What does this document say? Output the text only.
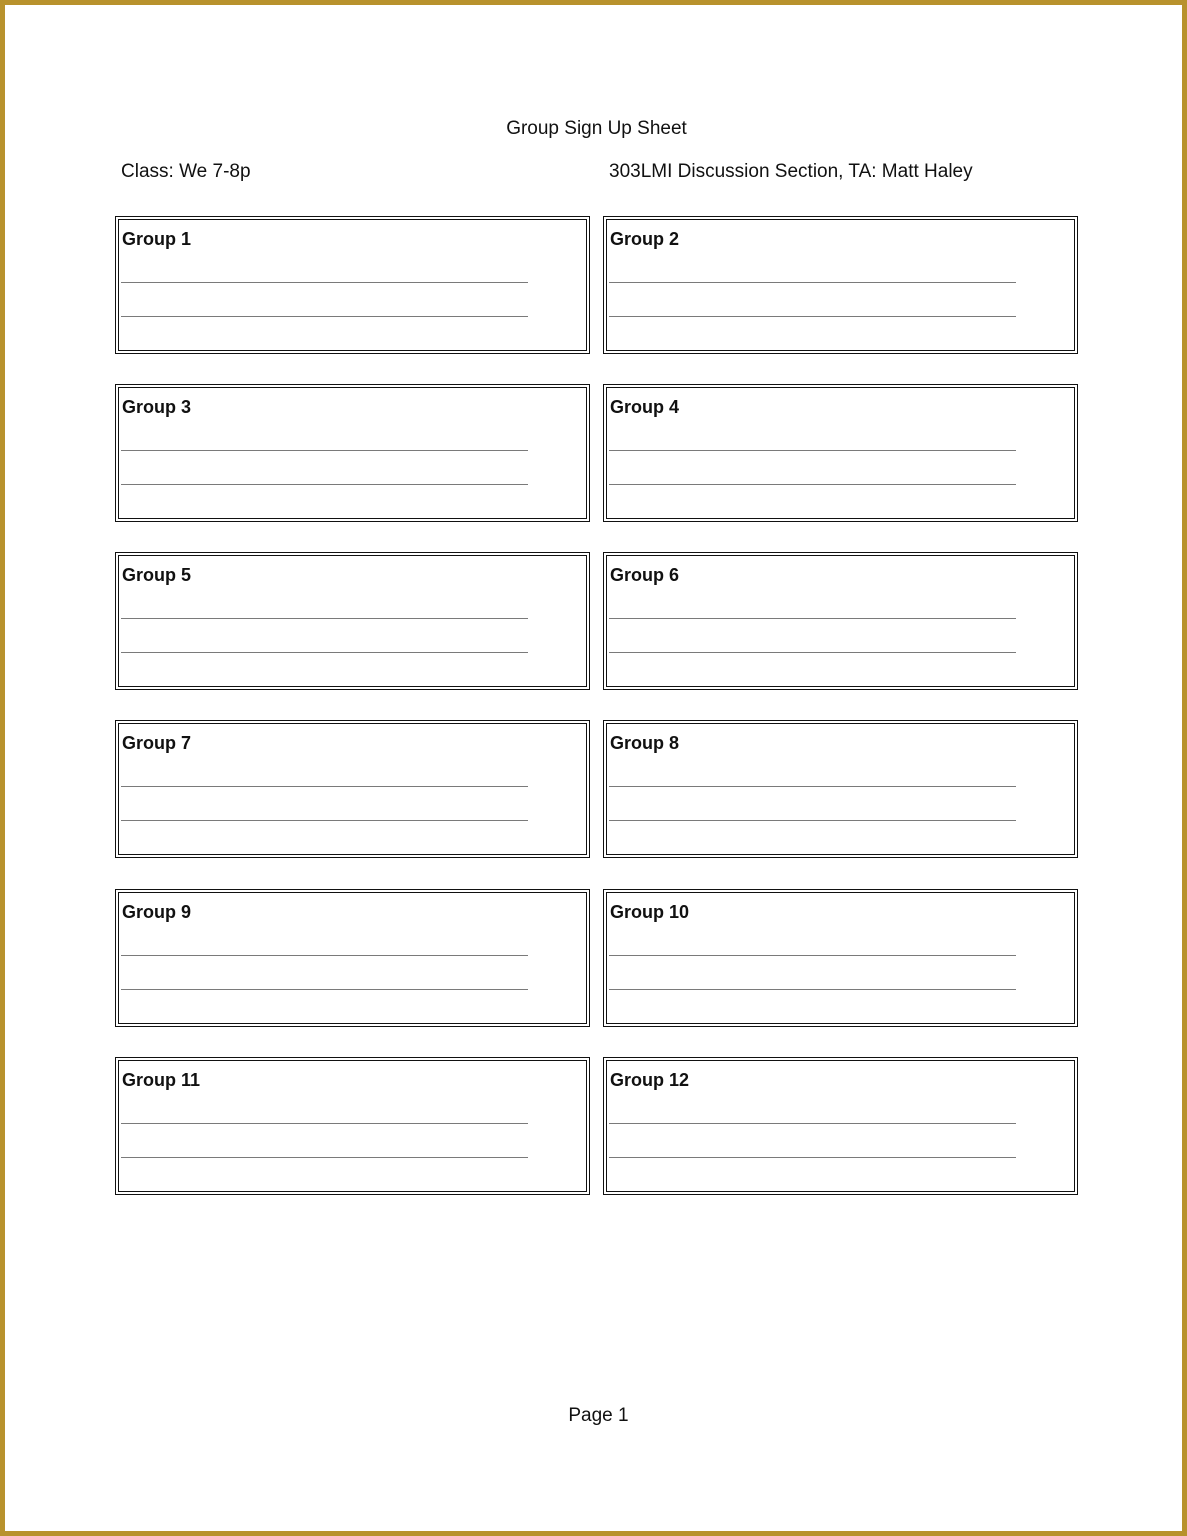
Group Sign Up Sheet
Class: We 7-8p	303LMI Discussion Section, TA: Matt Haley
Group 1	Group 2
Group 3	Group 4
Group 5	Group 6
Group 7	Group 8
Group 9	Group 10
Group 11	Group 12
Page 1
